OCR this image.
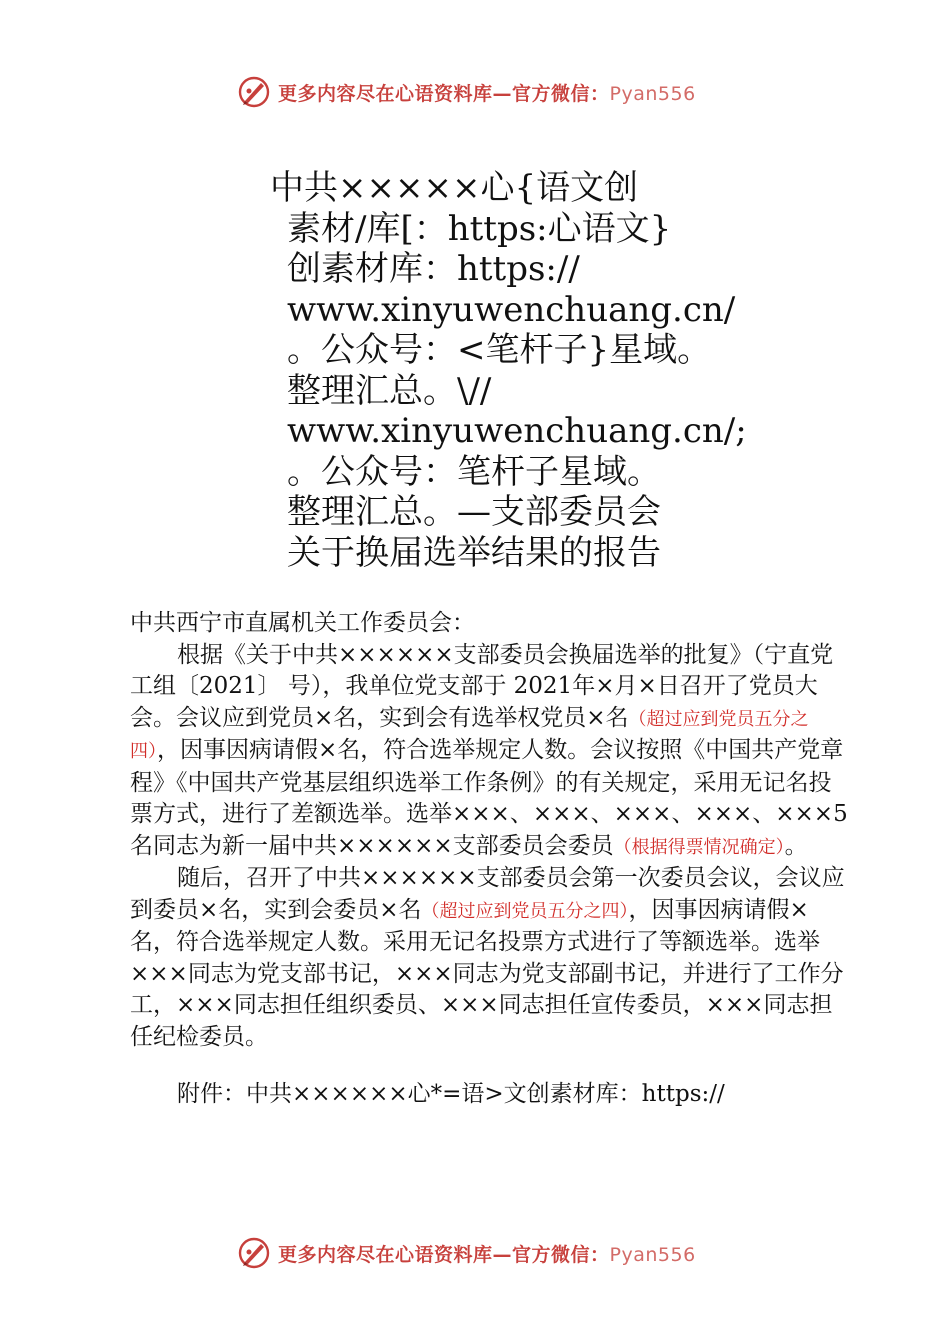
更多内容尽在心语资料库—官方微信：Pyan556
中共×××××心{语文创
素材/库[：https:心语文}
创素材库：https://
www.xinyuwenchuang.cn/
。公众号：<笔杆子}星域。
整理汇总。\//
www.xinyuwenchuang.cn/;
。公众号：笔杆子星域。
整理汇总。—支部委员会
关于换届选举结果的报告

中共西宁市直属机关工作委员会：

根据《关于中共××××××支部委员会换届选举的批复》（宁直党工组〔2021〕 号），我单位党支部于 2021年×月×日召开了党员大会。会议应到党员×名，实到会有选举权党员×名（超过应到党员五分之四），因事因病请假×名，符合选举规定人数。会议按照《中国共产党章程》《中国共产党基层组织选举工作条例》的有关规定，采用无记名投票方式，进行了差额选举。选举×××、×××、×××、×××、×××5名同志为新一届中共××××××支部委员会委员（根据得票情况确定）。

随后，召开了中共××××××支部委员会第一次委员会议，会议应到委员×名，实到会委员×名（超过应到党员五分之四），因事因病请假×名，符合选举规定人数。采用无记名投票方式进行了等额选举。选举×××同志为党支部书记，×××同志为党支部副书记，并进行了工作分工，×××同志担任组织委员、×××同志担任宣传委员，×××同志担任纪检委员。

附件：中共××××××心*=语>文创素材库：https://

更多内容尽在心语资料库—官方微信：Pyan556
